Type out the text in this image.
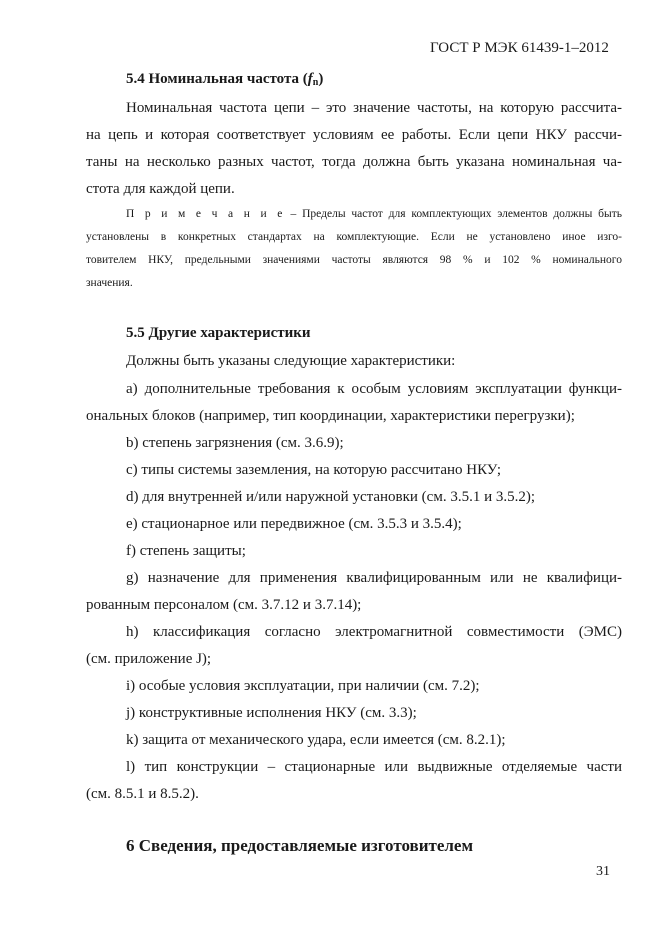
ГОСТ Р МЭК 61439-1–2012
5.4 Номинальная частота $(f_n)$
Номинальная частота цепи – это значение частоты, на которую рассчита-
на цепь и которая соответствует условиям ее работы. Если цепи НКУ рассчи-
таны на несколько разных частот, тогда должна быть указана номинальная ча-
стота для каждой цепи.
П р и м е ч а н и е – Пределы частот для комплектующих элементов должны быть
установлены в конкретных стандартах на комплектующие. Если не установлено иное изго-
товителем НКУ, предельными значениями частоты являются 98 % и 102 % номинального
значения.
5.5 Другие характеристики
Должны быть указаны следующие характеристики:
а) дополнительные требования к особым условиям эксплуатации функци-
ональных блоков (например, тип координации, характеристики перегрузки);
b) степень загрязнения (см. 3.6.9);
c) типы системы заземления, на которую рассчитано НКУ;
d) для внутренней и/или наружной установки (см. 3.5.1 и 3.5.2);
e) стационарное или передвижное (см. 3.5.3 и 3.5.4);
f) степень защиты;
g) назначение для применения квалифицированным или не квалифици-
рованным персоналом (см. 3.7.12 и 3.7.14);
h) классификация согласно электромагнитной совместимости (ЭМС)
(см. приложение J);
i) особые условия эксплуатации, при наличии (см. 7.2);
j) конструктивные исполнения НКУ (см. 3.3);
k) защита от механического удара, если имеется (см. 8.2.1);
l) тип конструкции – стационарные или выдвижные отделяемые части
(см. 8.5.1 и 8.5.2).
6 Сведения, предоставляемые изготовителем
31
